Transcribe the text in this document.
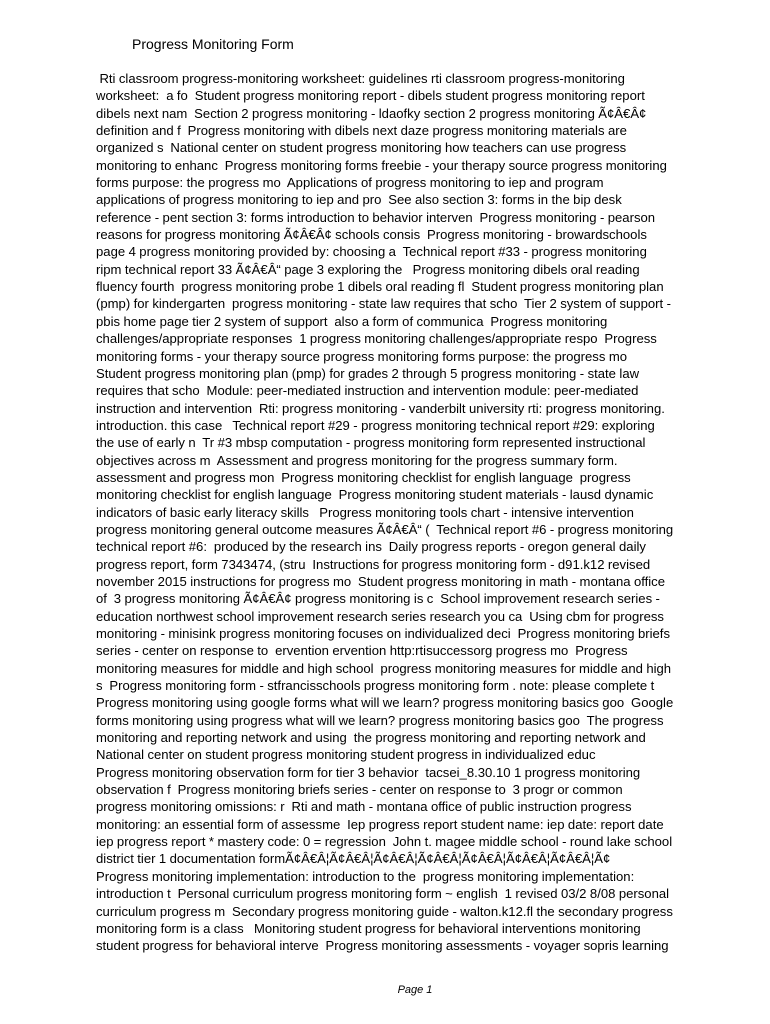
Progress Monitoring Form
Rti classroom progress-monitoring worksheet: guidelines rti classroom progress-monitoring
worksheet:  a fo  Student progress monitoring report - dibels student progress monitoring report
dibels next nam  Section 2 progress monitoring - ldaofky section 2 progress monitoring Ã¢Â€Â¢
definition and f  Progress monitoring with dibels next daze progress monitoring materials are
organized s  National center on student progress monitoring how teachers can use progress
monitoring to enhanc  Progress monitoring forms freebie - your therapy source progress monitoring
forms purpose: the progress mo  Applications of progress monitoring to iep and program
applications of progress monitoring to iep and pro  See also section 3: forms in the bip desk
reference - pent section 3: forms introduction to behavior interven  Progress monitoring - pearson
reasons for progress monitoring Ã¢Â€Â¢ schools consis  Progress monitoring - browardschools
page 4 progress monitoring provided by: choosing a  Technical report #33 - progress monitoring
ripm technical report 33 Ã¢Â€Â“ page 3 exploring the   Progress monitoring dibels oral reading
fluency fourth  progress monitoring probe 1 dibels oral reading fl  Student progress monitoring plan
(pmp) for kindergarten  progress monitoring - state law requires that scho  Tier 2 system of support -
pbis home page tier 2 system of support  also a form of communica  Progress monitoring
challenges/appropriate responses  1 progress monitoring challenges/appropriate respo  Progress
monitoring forms - your therapy source progress monitoring forms purpose: the progress mo
Student progress monitoring plan (pmp) for grades 2 through 5 progress monitoring - state law
requires that scho  Module: peer-mediated instruction and intervention module: peer-mediated
instruction and intervention  Rti: progress monitoring - vanderbilt university rti: progress monitoring.
introduction. this case   Technical report #29 - progress monitoring technical report #29: exploring
the use of early n  Tr #3 mbsp computation - progress monitoring form represented instructional
objectives across m  Assessment and progress monitoring for the progress summary form.
assessment and progress mon  Progress monitoring checklist for english language  progress
monitoring checklist for english language  Progress monitoring student materials - lausd dynamic
indicators of basic early literacy skills   Progress monitoring tools chart - intensive intervention
progress monitoring general outcome measures Ã¢Â€Â“ (  Technical report #6 - progress monitoring
technical report #6:  produced by the research ins  Daily progress reports - oregon general daily
progress report, form 7343474, (stru  Instructions for progress monitoring form - d91.k12 revised
november 2015 instructions for progress mo  Student progress monitoring in math - montana office
of  3 progress monitoring Ã¢Â€Â¢ progress monitoring is c  School improvement research series -
education northwest school improvement research series research you ca  Using cbm for progress
monitoring - minisink progress monitoring focuses on individualized deci  Progress monitoring briefs
series - center on response to  ervention ervention http:rtisuccessorg progress mo  Progress
monitoring measures for middle and high school  progress monitoring measures for middle and high
s  Progress monitoring form - stfrancisschools progress monitoring form . note: please complete t
Progress monitoring using google forms what will we learn? progress monitoring basics goo  Google
forms monitoring using progress what will we learn? progress monitoring basics goo  The progress
monitoring and reporting network and using  the progress monitoring and reporting network and
National center on student progress monitoring student progress in individualized educ
Progress monitoring observation form for tier 3 behavior  tacsei_8.30.10 1 progress monitoring
observation f  Progress monitoring briefs series - center on response to  3 progr or common
progress monitoring omissions: r  Rti and math - montana office of public instruction progress
monitoring: an essential form of assessme  Iep progress report student name: iep date: report date
iep progress report * mastery code: 0 = regression  John t. magee middle school - round lake school
district tier 1 documentation formÃ¢Â€Â¦Ã¢Â€Â¦Ã¢Â€Â¦Ã¢Â€Â¦Ã¢Â€Â¦Ã¢Â€Â¦Ã¢Â€Â¦Ã¢
Progress monitoring implementation: introduction to the  progress monitoring implementation:
introduction t  Personal curriculum progress monitoring form ~ english  1 revised 03/2 8/08 personal
curriculum progress m  Secondary progress monitoring guide - walton.k12.fl the secondary progress
monitoring form is a class   Monitoring student progress for behavioral interventions monitoring
student progress for behavioral interve  Progress monitoring assessments - voyager sopris learning
Page 1
